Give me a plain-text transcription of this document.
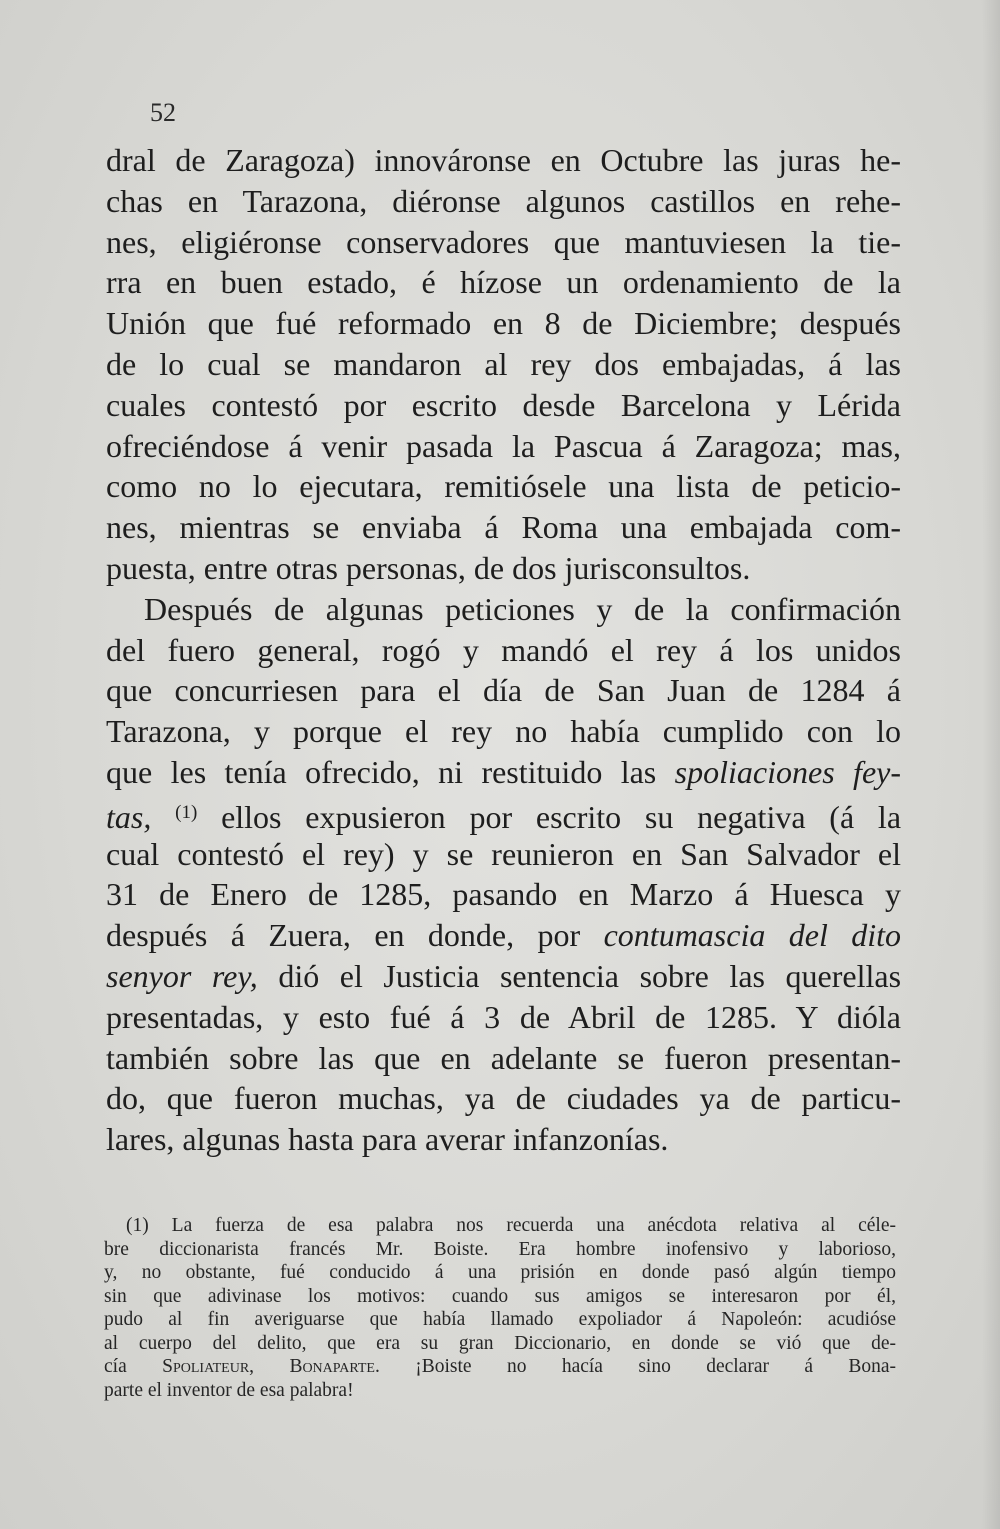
52
dral de Zaragoza) innováronse en Octubre las juras he-
chas en Tarazona, diéronse algunos castillos en rehe-
nes, eligiéronse conservadores que mantuviesen la tie-
rra en buen estado, é hízose un ordenamiento de la
Unión que fué reformado en 8 de Diciembre; después
de lo cual se mandaron al rey dos embajadas, á las
cuales contestó por escrito desde Barcelona y Lérida
ofreciéndose á venir pasada la Pascua á Zaragoza; mas,
como no lo ejecutara, remitiósele una lista de peticio-
nes, mientras se enviaba á Roma una embajada com-
puesta, entre otras personas, de dos jurisconsultos.
Después de algunas peticiones y de la confirmación
del fuero general, rogó y mandó el rey á los unidos
que concurriesen para el día de San Juan de 1284 á
Tarazona, y porque el rey no había cumplido con lo
que les tenía ofrecido, ni restituido las spoliaciones fey-
tas, $^{(1)}$ ellos expusieron por escrito su negativa (á la
cual contestó el rey) y se reunieron en San Salvador el
31 de Enero de 1285, pasando en Marzo á Huesca y
después á Zuera, en donde, por contumascia del dito
senyor rey, dió el Justicia sentencia sobre las querellas
presentadas, y esto fué á 3 de Abril de 1285. Y dióla
también sobre las que en adelante se fueron presentan-
do, que fueron muchas, ya de ciudades ya de particu-
lares, algunas hasta para averar infanzonías.
(1) La fuerza de esa palabra nos recuerda una anécdota relativa al céle-
bre diccionarista francés Mr. Boiste. Era hombre inofensivo y laborioso,
y, no obstante, fué conducido á una prisión en donde pasó algún tiempo
sin que adivinase los motivos: cuando sus amigos se interesaron por él,
pudo al fin averiguarse que había llamado expoliador á Napoleón: acudióse
al cuerpo del delito, que era su gran Diccionario, en donde se vió que de-
cía Spoliateur, Bonaparte. ¡Boiste no hacía sino declarar á Bona-
parte el inventor de esa palabra!
